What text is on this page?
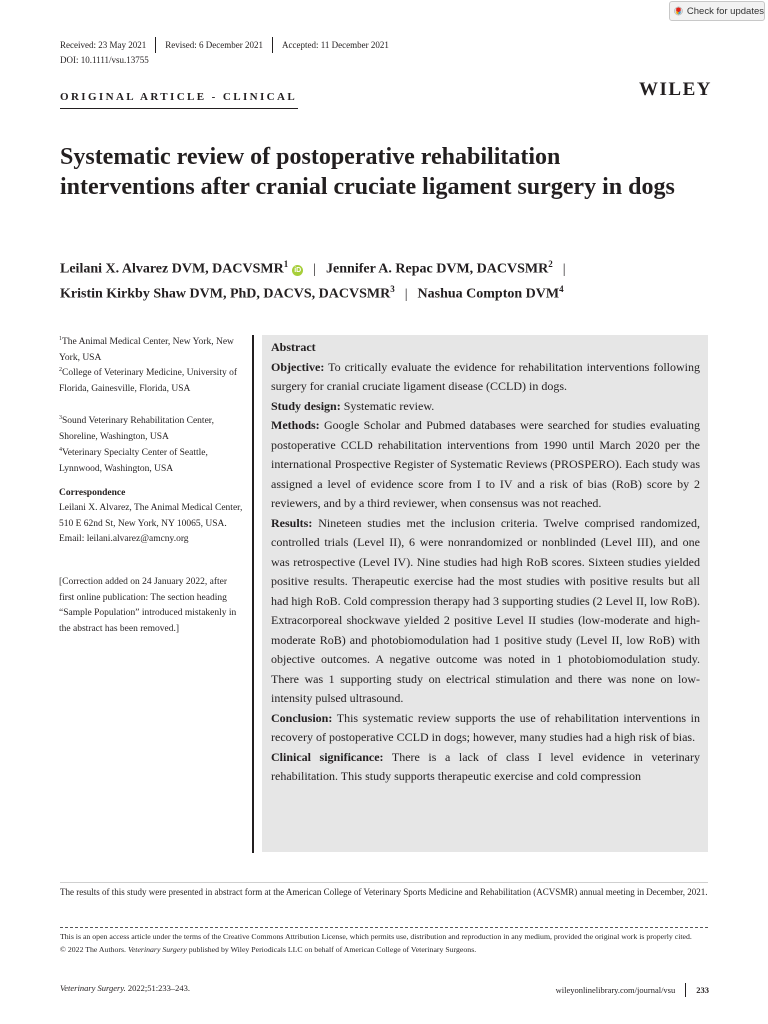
Check for updates
Received: 23 May 2021 Revised: 6 December 2021 Accepted: 11 December 2021
DOI: 10.1111/vsu.13755
ORIGINAL ARTICLE - CLINICAL	WILEY
Systematic review of postoperative rehabilitation interventions after cranial cruciate ligament surgery in dogs
Leilani X. Alvarez DVM, DACVSMR$^1$iD | Jennifer A. Repac DVM, DACVSMR$^2$ |
Kristin Kirkby Shaw DVM, PhD, DACVS, DACVSMR$^3$ | Nashua Compton DVM$^4$
$^1$The Animal Medical Center, New York, New York, USA
$^2$College of Veterinary Medicine, University of Florida, Gainesville, Florida, USA
$^3$Sound Veterinary Rehabilitation Center, Shoreline, Washington, USA
$^4$Veterinary Specialty Center of Seattle, Lynnwood, Washington, USA
Correspondence
Leilani X. Alvarez, The Animal Medical Center, 510 E 62nd St, New York, NY 10065, USA.
Email: leilani.alvarez@amcny.org
[Correction added on 24 January 2022, after first online publication: The section heading “Sample Population” introduced mistakenly in the abstract has been removed.]
Abstract

Objective: To critically evaluate the evidence for rehabilitation interventions following surgery for cranial cruciate ligament disease (CCLD) in dogs.

Study design: Systematic review.

Methods: Google Scholar and Pubmed databases were searched for studies evaluating postoperative CCLD rehabilitation interventions from 1990 until March 2020 per the international Prospective Register of Systematic Reviews (PROSPERO). Each study was assigned a level of evidence score from I to IV and a risk of bias (RoB) score by 2 reviewers, and by a third reviewer, when consensus was not reached.

Results: Nineteen studies met the inclusion criteria. Twelve comprised randomized, controlled trials (Level II), 6 were nonrandomized or nonblinded (Level III), and one was retrospective (Level IV). Nine studies had high RoB scores. Sixteen studies yielded positive results. Therapeutic exercise had the most studies with positive results but all had high RoB. Cold compression therapy had 3 supporting studies (2 Level II, low RoB). Extracorporeal shockwave yielded 2 positive Level II studies (low-moderate and high-moderate RoB) and photobiomodulation had 1 positive study (Level II, low RoB) with objective outcomes. A negative outcome was noted in 1 photobiomodulation study. There was 1 supporting study on electrical stimulation and there was none on low-intensity pulsed ultrasound.

Conclusion: This systematic review supports the use of rehabilitation interventions in recovery of postoperative CCLD in dogs; however, many studies had a high risk of bias.

Clinical significance: There is a lack of class I level evidence in veterinary rehabilitation. This study supports therapeutic exercise and cold compression

The results of this study were presented in abstract form at the American College of Veterinary Sports Medicine and Rehabilitation (ACVSMR) annual meeting in December, 2021.
This is an open access article under the terms of the Creative Commons Attribution License, which permits use, distribution and reproduction in any medium, provided the original work is properly cited.
© 2022 The Authors. Veterinary Surgery published by Wiley Periodicals LLC on behalf of American College of Veterinary Surgeons.
Veterinary Surgery. 2022;51:233–243.	wileyonlinelibrary.com/journal/vsu 233
